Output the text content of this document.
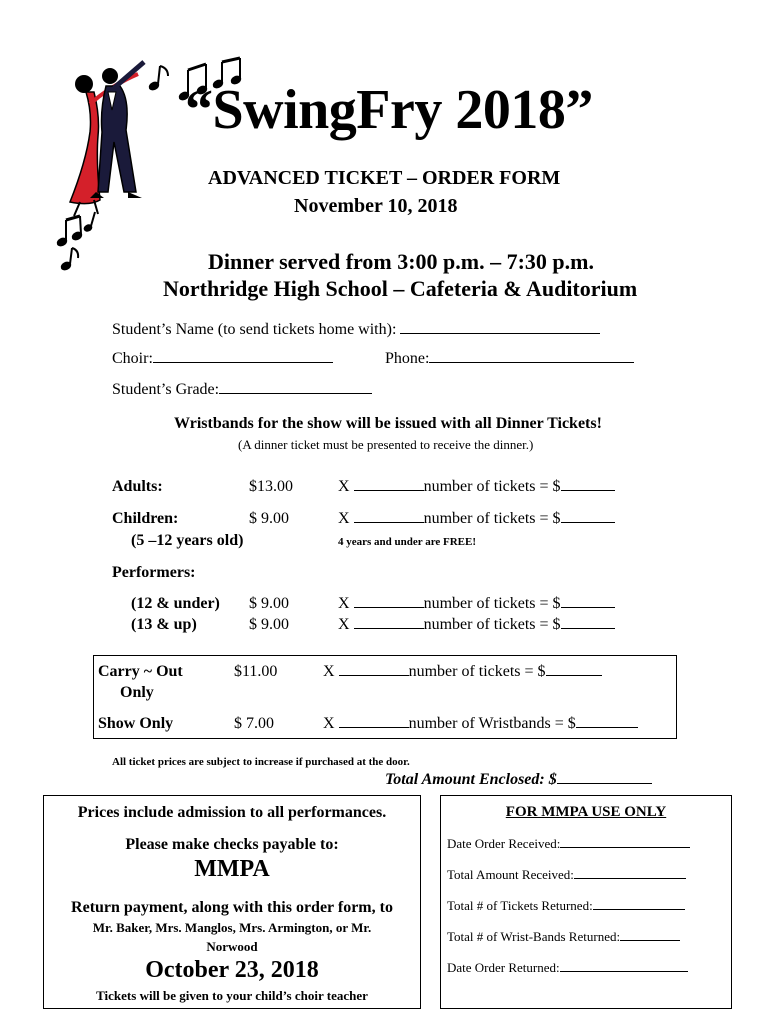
“SwingFry 2018”
ADVANCED TICKET – ORDER FORM
November 10, 2018
Dinner served from 3:00 p.m. – 7:30 p.m.
Northridge High School – Cafeteria & Auditorium
Student’s Name (to send tickets home with):
Choir:	Phone:
Student’s Grade:
Wristbands for the show will be issued with all Dinner Tickets!
(A dinner ticket must be presented to receive the dinner.)
Adults:	$13.00	X	number of tickets = $
Children:	$ 9.00	X	number of tickets = $
(5 –12 years old)	4 years and under are FREE!
Performers:
(12 & under) $ 9.00	X	number of tickets = $
(13 & up)	$ 9.00	X	number of tickets = $
Carry ~ Out
Only
$11.00	X	number of tickets = $
Show Only	$ 7.00	X	number of Wristbands = $
All ticket prices are subject to increase if purchased at the door.
Total Amount Enclosed: $
Prices include admission to all performances.
Please make checks payable to:
MMPA
Return payment, along with this order form, to
Mr. Baker, Mrs. Manglos, Mrs. Armington, or Mr.
Norwood
October 23, 2018
Tickets will be given to your child’s choir teacher
FOR MMPA USE ONLY
Date Order Received:
Total Amount Received:
Total # of Tickets Returned:
Total # of Wrist-Bands Returned:
Date Order Returned:
